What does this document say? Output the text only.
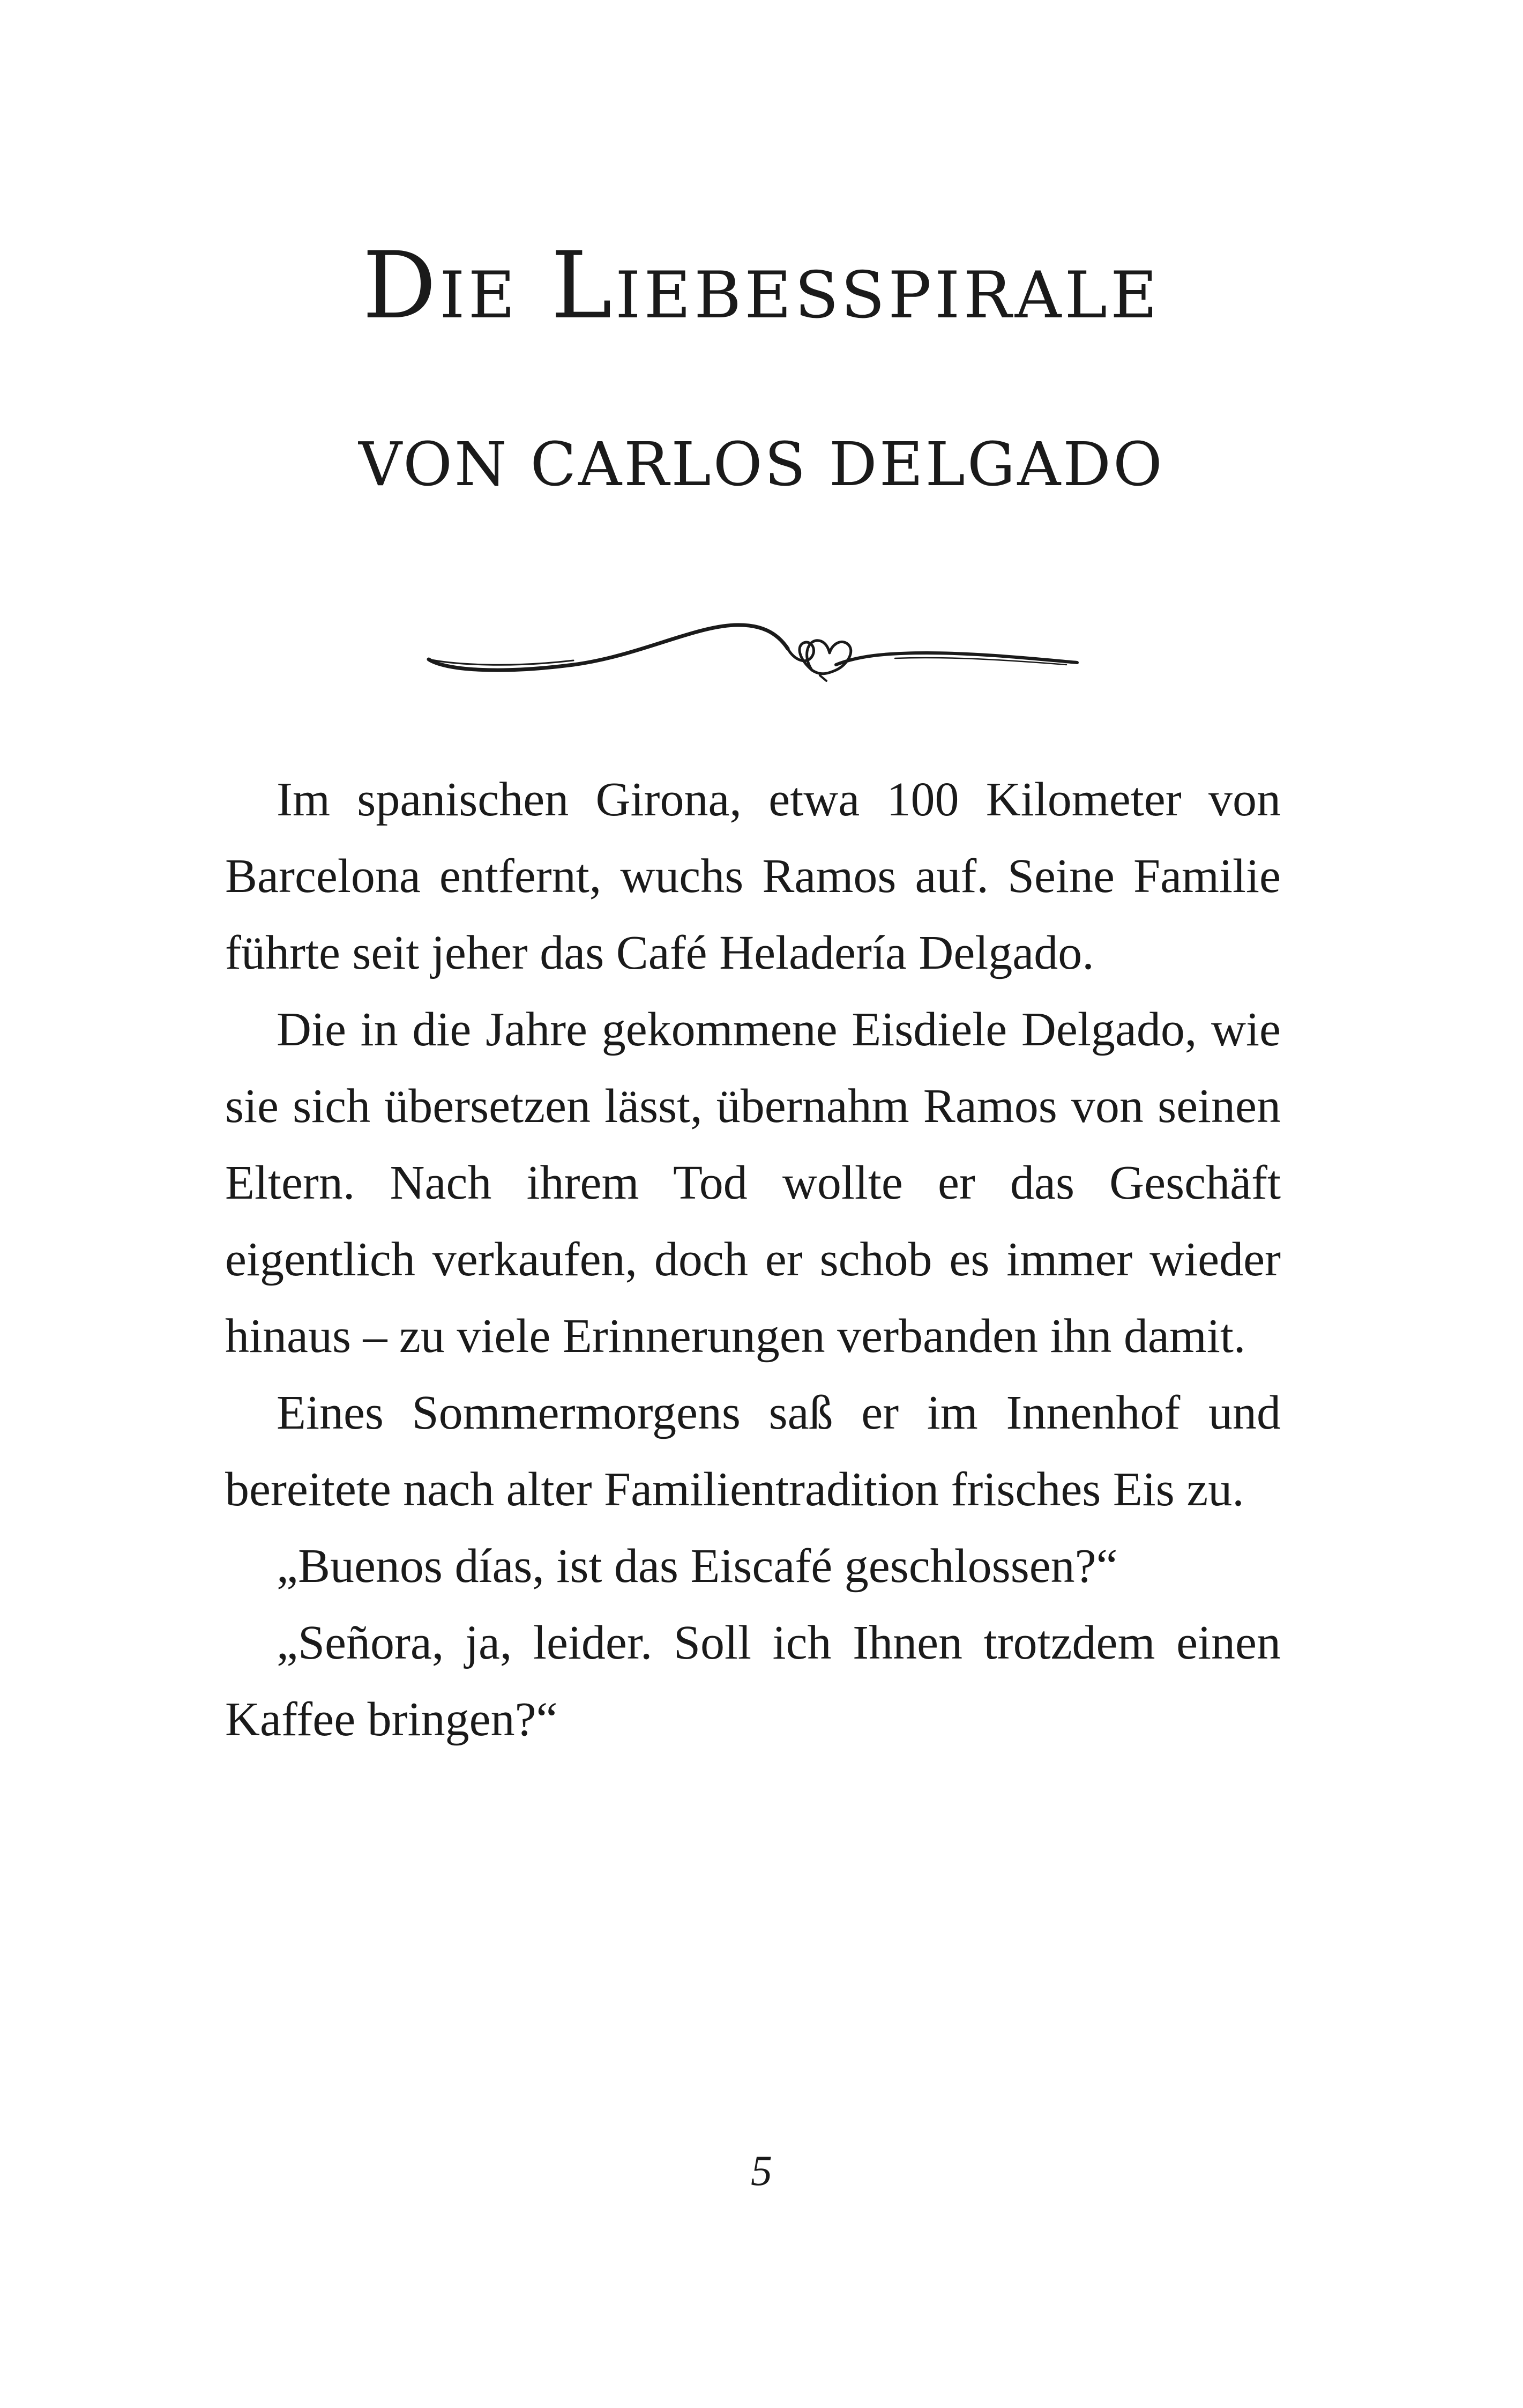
Die Liebesspirale
VON CARLOS DELGADO

Im spanischen Girona, etwa 100 Kilometer von Barcelona entfernt, wuchs Ramos auf. Seine Familie führte seit jeher das Café Heladería Delgado.

Die in die Jahre gekommene Eisdiele Delgado, wie sie sich übersetzen lässt, übernahm Ramos von seinen Eltern. Nach ihrem Tod wollte er das Geschäft eigentlich verkaufen, doch er schob es immer wieder hinaus – zu viele Erinnerungen verbanden ihn damit.

Eines Sommermorgens saß er im Innenhof und bereitete nach alter Familientradition frisches Eis zu.

„Buenos días, ist das Eiscafé geschlossen?“

„Señora, ja, leider. Soll ich Ihnen trotzdem einen Kaffee bringen?“

5
